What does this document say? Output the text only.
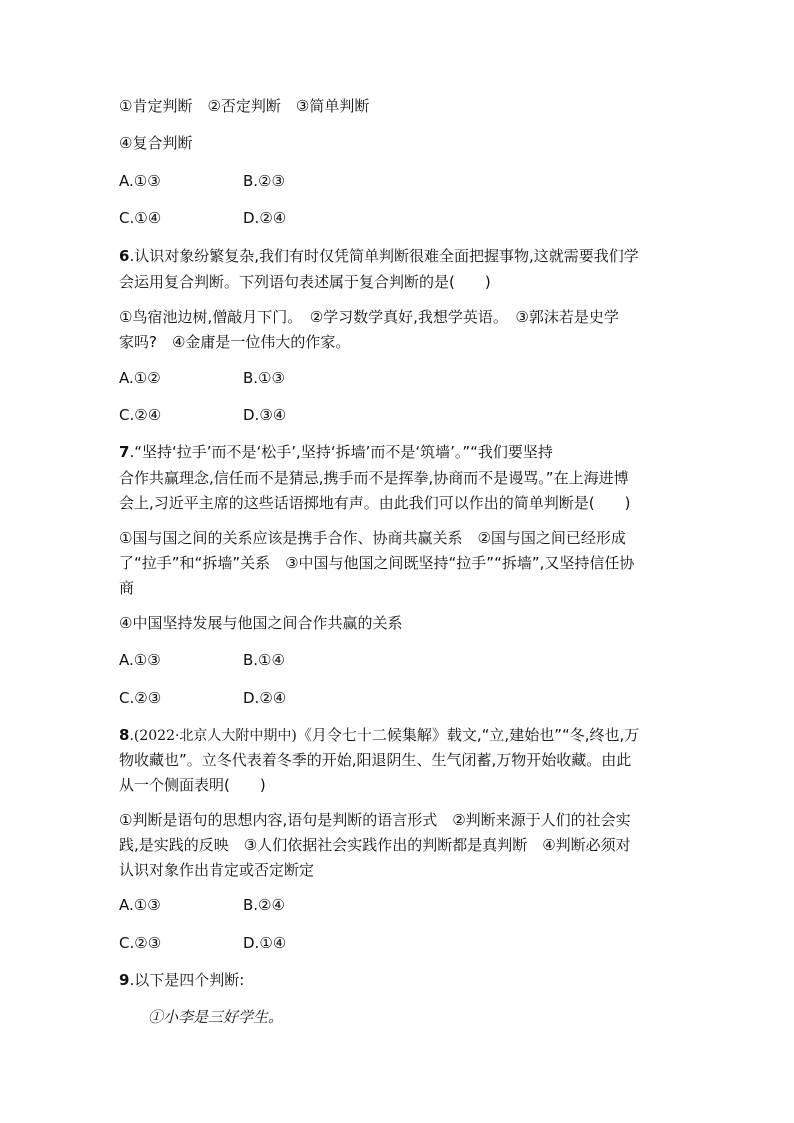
①肯定判断　②否定判断　③简单判断
④复合判断
A.①③	B.②③
C.①④	D.②④
6.认识对象纷繁复杂,我们有时仅凭简单判断很难全面把握事物,这就需要我们学
会运用复合判断。下列语句表述属于复合判断的是(　　)
①鸟宿池边树,僧敲月下门。　②学习数学真好,我想学英语。　③郭沫若是史学
家吗?　④金庸是一位伟大的作家。
A.①②	B.①③
C.②④	D.③④
7.“坚持‘拉手’而不是‘松手’,坚持‘拆墙’而不是‘筑墙’。”“我们要坚持
合作共赢理念,信任而不是猜忌,携手而不是挥拳,协商而不是谩骂。”在上海进博
会上,习近平主席的这些话语掷地有声。由此我们可以作出的简单判断是(　　)
①国与国之间的关系应该是携手合作、协商共赢关系　②国与国之间已经形成
了“拉手”和“拆墙”关系　③中国与他国之间既坚持“拉手”“拆墙”,又坚持信任协
商
④中国坚持发展与他国之间合作共赢的关系
A.①③	B.①④
C.②③	D.②④
8.(2022·北京人大附中期中)《月令七十二候集解》载文,“立,建始也”“冬,终也,万
物收藏也”。立冬代表着冬季的开始,阳退阴生、生气闭蓄,万物开始收藏。由此
从一个侧面表明(　　)
①判断是语句的思想内容,语句是判断的语言形式　②判断来源于人们的社会实
践,是实践的反映　③人们依据社会实践作出的判断都是真判断　④判断必须对
认识对象作出肯定或否定断定
A.①③	B.②④
C.②③	D.①④
9.以下是四个判断:
①小李是三好学生。
